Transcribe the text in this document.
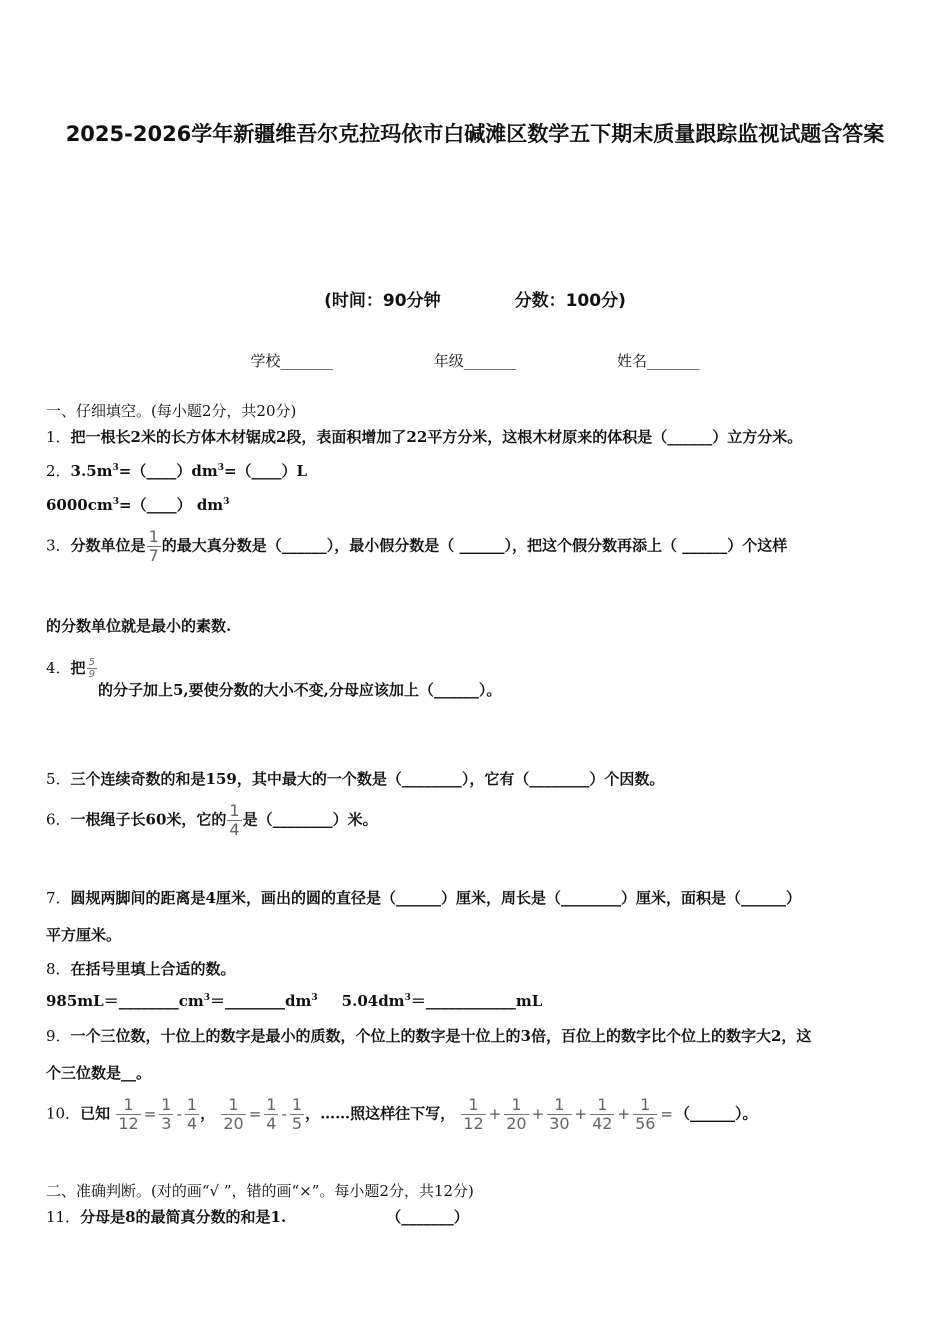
2025-2026学年新疆维吾尔克拉玛依市白碱滩区数学五下期末质量跟踪监视试题含答案
(时间：90分钟	分数：100分)
学校_______	年级_______	姓名_______
一、仔细填空。(每小题2分，共20分)
1．把一根长2米的长方体木材锯成2段，表面积增加了22平方分米，这根木材原来的体积是（______）立方分米。
2．$3.5m^3=(\_\_\_\_)dm^3=(\_\_\_\_)L$
$6000cm^3=(\_\_\_\_)$ $dm^3$
3．分数单位是 $\frac{1}{7}$ 的最大真分数是（______），最小假分数是（ ______），把这个假分数再添上（ ______）个这样
的分数单位就是最小的素数.
4．把 $\frac{5}{9}$
的分子加上5,要使分数的大小不变,分母应该加上（______）。
5．三个连续奇数的和是159，其中最大的一个数是（________），它有（________）个因数。
6．一根绳子长60米，它的 $\frac{1}{4}$ 是（________）米。
7．圆规两脚间的距离是4厘米，画出的圆的直径是（______）厘米，周长是（________）厘米，面积是（______）
平方厘米。
8．在括号里填上合适的数。
$985mL=\_\_\_\_\_\_\_\_cm^3=\_\_\_\_\_\_\_\_dm^3$ $5.04dm^3=\_\_\_\_\_\_\_\_\_\_\_\_mL$
9．一个三位数，十位上的数字是最小的质数，个位上的数字是十位上的3倍，百位上的数字比个位上的数字大2，这
个三位数是__。
10．已知 $\frac{1}{12} = \frac{1}{3} - \frac{1}{4}$ ， $\frac{1}{20} = \frac{1}{4} - \frac{1}{5}$ ，……照这样往下写， $\frac{1}{12} + \frac{1}{20} + \frac{1}{30} + \frac{1}{42} + \frac{1}{56}$ = （______）。
二、准确判断。(对的画“√ ”，错的画“×”。每小题2分，共12分)
11．分母是8的最简真分数的和是1.	（_______）
